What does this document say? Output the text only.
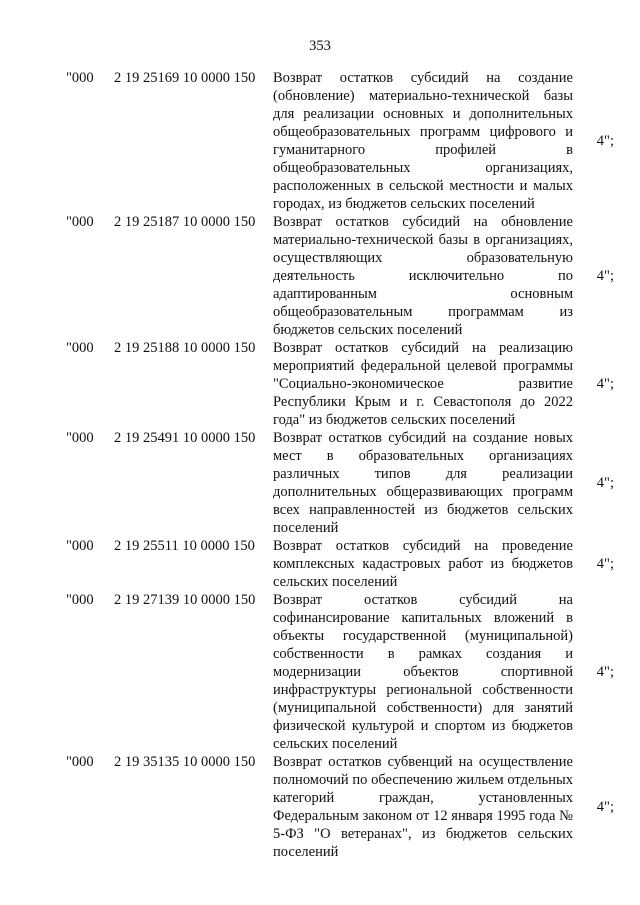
353
"000 2 19 25169 10 0000 150 Возврат остатков субсидий на создание (обновление) материально-технической базы для реализации основных и дополнительных общеобразовательных программ цифрового и гуманитарного профилей в общеобразовательных организациях, расположенных в сельской местности и малых городах, из бюджетов сельских поселений
4";
"000 2 19 25187 10 0000 150 Возврат остатков субсидий на обновление материально-технической базы в организациях, осуществляющих образовательную деятельность исключительно по адаптированным основным общеобразовательным программам из бюджетов сельских поселений
4";
"000 2 19 25188 10 0000 150 Возврат остатков субсидий на реализацию мероприятий федеральной целевой программы "Социально-экономическое развитие Республики Крым и г. Севастополя до 2022 года" из бюджетов сельских поселений
4";
"000 2 19 25491 10 0000 150 Возврат остатков субсидий на создание новых мест в образовательных организациях различных типов для реализации дополнительных общеразвивающих программ всех направленностей из бюджетов сельских поселений
4";
"000 2 19 25511 10 0000 150 Возврат остатков субсидий на проведение комплексных кадастровых работ из бюджетов сельских поселений
4";
"000 2 19 27139 10 0000 150 Возврат остатков субсидий на софинансирование капитальных вложений в объекты государственной (муниципальной) собственности в рамках создания и модернизации объектов спортивной инфраструктуры региональной собственности (муниципальной собственности) для занятий физической культурой и спортом из бюджетов сельских поселений
4";
"000 2 19 35135 10 0000 150 Возврат остатков субвенций на осуществление полномочий по обеспечению жильем отдельных категорий граждан, установленных Федеральным законом от 12 января 1995 года № 5-ФЗ "О ветеранах", из бюджетов сельских поселений
4";
